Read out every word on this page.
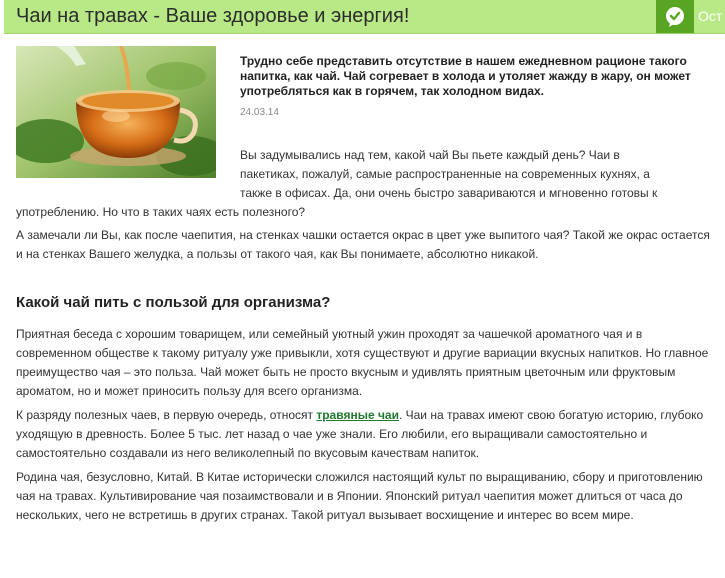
Чаи на травах - Ваше здоровье и энергия!	Ост
Трудно себе представить отсутствие в нашем ежедневном рационе такого напитка, как чай. Чай согревает в холода и утоляет жажду в жару, он может употребляться как в горячем, так холодном видах.
24.03.14

Вы задумывались над тем, какой чай Вы пьете каждый день? Чаи в
пакетиках, пожалуй, самые распространенные на современных кухнях, а
также в офисах. Да, они очень быстро завариваются и мгновенно готовы к
употреблению. Но что в таких чаях есть полезного?

А замечали ли Вы, как после чаепития, на стенках чашки остается окрас в цвет уже выпитого чая? Такой же окрас остается и на стенках Вашего желудка, а пользы от такого чая, как Вы понимаете, абсолютно никакой.

Какой чай пить с пользой для организма?

Приятная беседа с хорошим товарищем, или семейный уютный ужин проходят за чашечкой ароматного чая и в современном обществе к такому ритуалу уже привыкли, хотя существуют и другие вариации вкусных напитков. Но главное преимущество чая – это польза. Чай может быть не просто вкусным и удивлять приятным цветочным или фруктовым ароматом, но и может приносить пользу для всего организма.

К разряду полезных чаев, в первую очередь, относят травяные чаи. Чаи на травах имеют свою богатую историю, глубоко уходящую в древность. Более 5 тыс. лет назад о чае уже знали. Его любили, его выращивали самостоятельно и самостоятельно создавали из него великолепный по вкусовым качествам напиток.

Родина чая, безусловно, Китай. В Китае исторически сложился настоящий культ по выращиванию, сбору и приготовлению чая на травах. Культивирование чая позаимствовали и в Японии. Японский ритуал чаепития может длиться от часа до нескольких, чего не встретишь в других странах. Такой ритуал вызывает восхищение и интерес во всем мире.
